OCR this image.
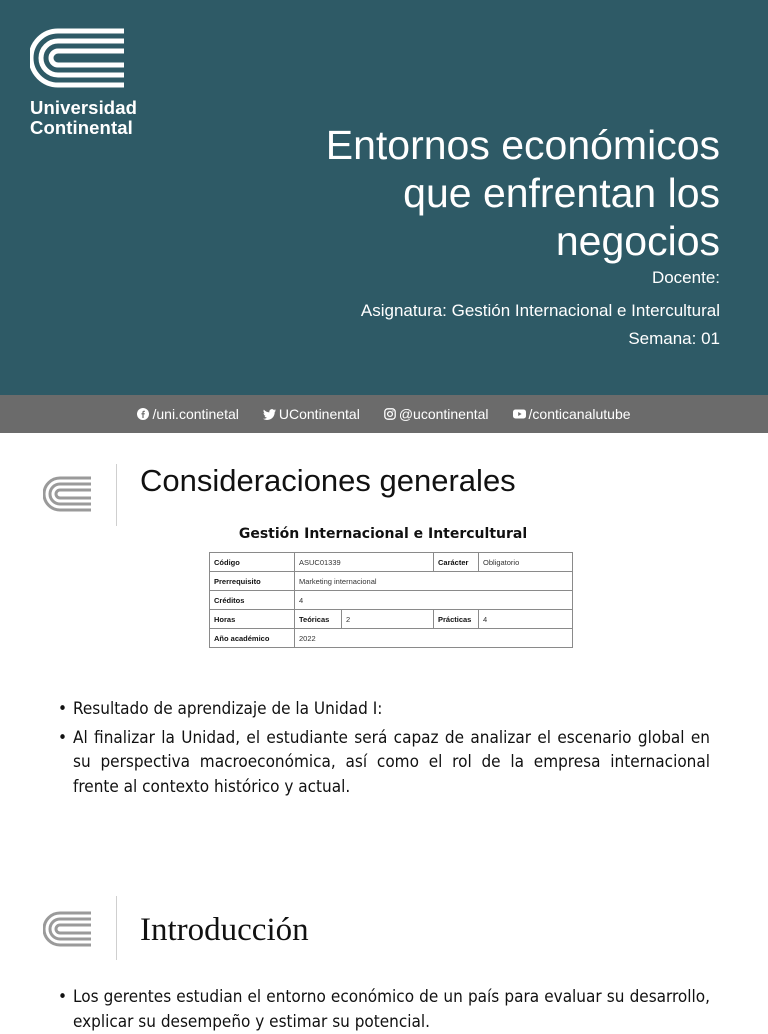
Universidad
Continental	Entornos económicos
que enfrentan los
negocios
Docente:
Asignatura: Gestión Internacional e Intercultural
Semana: 01
/uni.continetal	UContinental	@ucontinental	/conticanalutube
Consideraciones generales
Gestión Internacional e Intercultural
Código	ASUC01339		Carácter	Obligatorio
Prerrequisito	Marketing internacional			
Créditos	4			
Horas	Teóricas	2	Prácticas	4
Año académico	2022			
• Resultado de aprendizaje de la Unidad I:
• Al finalizar la Unidad, el estudiante será capaz de analizar el escenario global en su perspectiva macroeconómica, así como el rol de la empresa internacional frente al contexto histórico y actual.
Introducción
• Los gerentes estudian el entorno económico de un país para evaluar su desarrollo, explicar su desempeño y estimar su potencial.
